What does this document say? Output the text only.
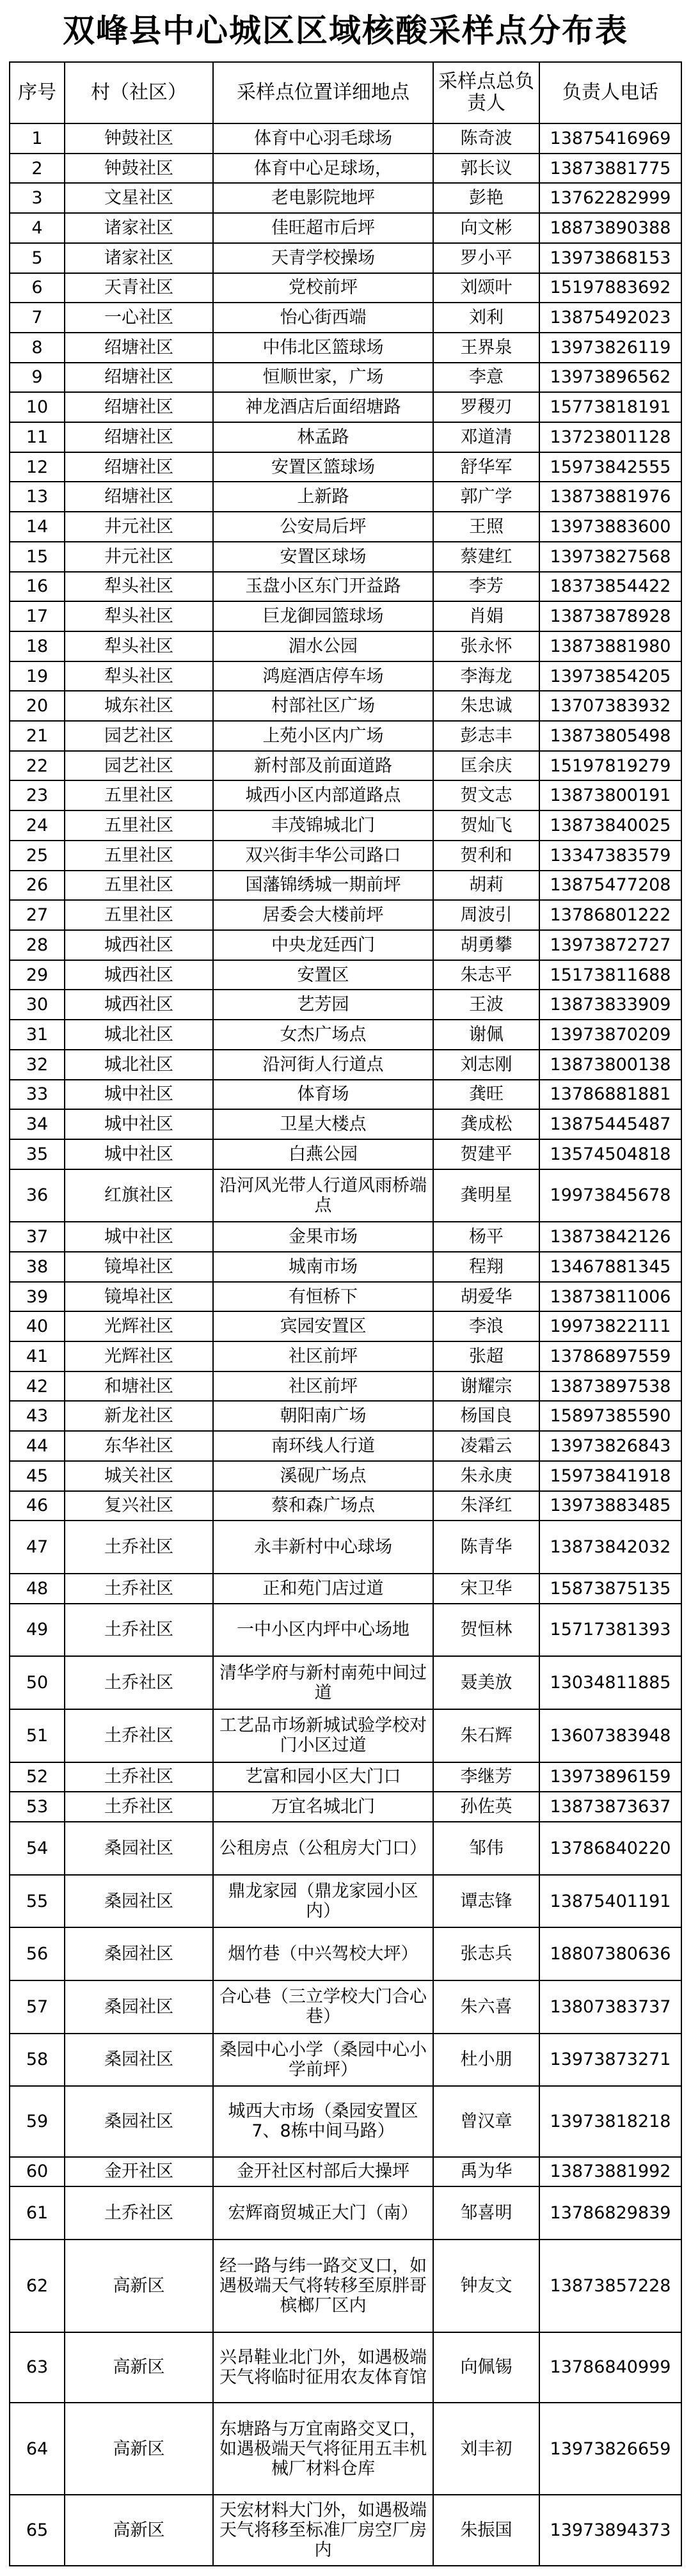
双峰县中心城区区域核酸采样点分布表
序号	村（社区）	采样点位置详细地点	采样点总负责人	负责人电话
1	钟鼓社区	体育中心羽毛球场	陈奇波	13875416969
2	钟鼓社区	体育中心足球场，	郭长议	13873881775
3	文星社区	老电影院地坪	彭艳	13762282999
4	诸家社区	佳旺超市后坪	向文彬	18873890388
5	诸家社区	天青学校操场	罗小平	13973868153
6	天青社区	党校前坪	刘颂叶	15197883692
7	一心社区	怡心街西端	刘利	13875492023
8	绍塘社区	中伟北区篮球场	王界泉	13973826119
9	绍塘社区	恒顺世家，广场	李意	13973896562
10	绍塘社区	神龙酒店后面绍塘路	罗稷刃	15773818191
11	绍塘社区	林孟路	邓道清	13723801128
12	绍塘社区	安置区篮球场	舒华军	15973842555
13	绍塘社区	上新路	郭广学	13873881976
14	井元社区	公安局后坪	王照	13973883600
15	井元社区	安置区球场	蔡建红	13973827568
16	犁头社区	玉盘小区东门开益路	李芳	18373854422
17	犁头社区	巨龙御园篮球场	肖娟	13873878928
18	犁头社区	湄水公园	张永怀	13873881980
19	犁头社区	鸿庭酒店停车场	李海龙	13973854205
20	城东社区	村部社区广场	朱忠诚	13707383932
21	园艺社区	上苑小区内广场	彭志丰	13873805498
22	园艺社区	新村部及前面道路	匡余庆	15197819279
23	五里社区	城西小区内部道路点	贺文志	13873800191
24	五里社区	丰茂锦城北门	贺灿飞	13873840025
25	五里社区	双兴街丰华公司路口	贺利和	13347383579
26	五里社区	国藩锦绣城一期前坪	胡莉	13875477208
27	五里社区	居委会大楼前坪	周波引	13786801222
28	城西社区	中央龙廷西门	胡勇攀	13973872727
29	城西社区	安置区	朱志平	15173811688
30	城西社区	艺芳园	王波	13873833909
31	城北社区	女杰广场点	谢佩	13973870209
32	城北社区	沿河街人行道点	刘志刚	13873800138
33	城中社区	体育场	龚旺	13786881881
34	城中社区	卫星大楼点	龚成松	13875445487
35	城中社区	白燕公园	贺建平	13574504818
36	红旗社区	沿河风光带人行道风雨桥端点	龚明星	19973845678
37	城中社区	金果市场	杨平	13873842126
38	镜埠社区	城南市场	程翔	13467881345
39	镜埠社区	有恒桥下	胡爱华	13873811006
40	光辉社区	宾园安置区	李浪	19973822111
41	光辉社区	社区前坪	张超	13786897559
42	和塘社区	社区前坪	谢耀宗	13873897538
43	新龙社区	朝阳南广场	杨国良	15897385590
44	东华社区	南环线人行道	凌霜云	13973826843
45	城关社区	溪砚广场点	朱永庚	15973841918
46	复兴社区	蔡和森广场点	朱泽红	13973883485
47	土乔社区	永丰新村中心球场	陈青华	13873842032
48	土乔社区	正和苑门店过道	宋卫华	15873875135
49	土乔社区	一中小区内坪中心场地	贺恒林	15717381393
50	土乔社区	清华学府与新村南苑中间过道	聂美放	13034811885
51	土乔社区	工艺品市场新城试验学校对门小区过道	朱石辉	13607383948
52	土乔社区	艺富和园小区大门口	李继芳	13973896159
53	土乔社区	万宜名城北门	孙佐英	13873873637
54	桑园社区	公租房点（公租房大门口）	邹伟	13786840220
55	桑园社区	鼎龙家园（鼎龙家园小区内）	谭志锋	13875401191
56	桑园社区	烟竹巷（中兴驾校大坪）	张志兵	18807380636
57	桑园社区	合心巷（三立学校大门合心巷）	朱六喜	13807383737
58	桑园社区	桑园中心小学（桑园中心小学前坪）	杜小朋	13973873271
59	桑园社区	城西大市场（桑园安置区7、8栋中间马路）	曾汉章	13973818218
60	金开社区	金开社区村部后大操坪	禹为华	13873881992
61	土乔社区	宏辉商贸城正大门（南）	邹喜明	13786829839
62	高新区	经一路与纬一路交叉口，如遇极端天气将转移至原胖哥槟榔厂区内	钟友文	13873857228
63	高新区	兴昂鞋业北门外，如遇极端天气将临时征用农友体育馆	向佩锡	13786840999
64	高新区	东塘路与万宜南路交叉口，如遇极端天气将征用五丰机械厂材料仓库	刘丰初	13973826659
65	高新区	天宏材料大门外，如遇极端天气将移至标准厂房空厂房内	朱振国	13973894373
